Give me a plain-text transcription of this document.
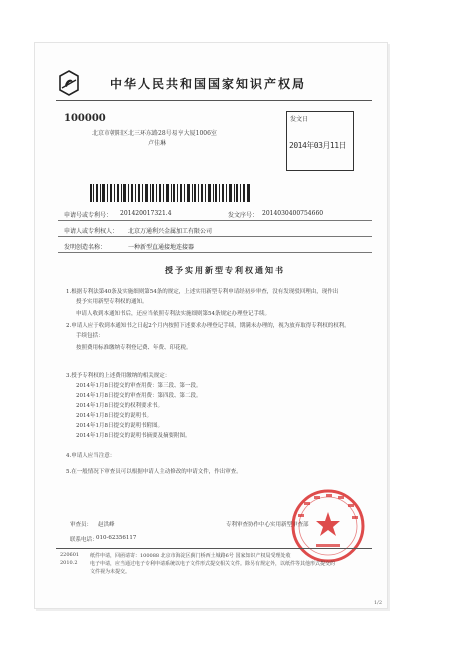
中华人民共和国国家知识产权局
100000
北京市朝阳区北三环东路28号易亨大厦1006室
卢佳琳
发文日
2014年03月11日
申请号或专利号： 201420017321.4	发文序号： 2014030400754660
申请人或专利权人： 北京万通利兴金属加工有限公司
发明创造名称：	一种新型直通接地连接器
授予实用新型专利权通知书
1.根据专利法第40条及实施细则第54条的规定，上述实用新型专利申请经初步审查，没有发现驳回理由，现作出
授予实用新型专利权的通知。
申请人收到本通知书后，还应当依照专利法实施细则第54条规定办理登记手续。
2.申请人应于收到本通知书之日起2个月内按照下述要求办理登记手续，期满未办理的，视为放弃取得专利权的权利。
手续包括：
按照费用标准缴纳专利登记费、年费、印花税。
3.授予专利权的上述费用缴纳的相关规定：
2014年1月8日提交的审查用费：第三段、第一段。
2014年1月8日提交的审查用费：第四段、第二段。
2014年1月8日提交的权利要求书。
2014年1月8日提交的说明书。
2014年1月8日提交的说明书附图。
2014年1月8日提交的说明书摘要及摘要附图。
4.申请人应当注意：
5.在一般情况下审查员可以根据申请人主动修改的申请文件，作出审查。
审查员：	赵洪峰
联系电话：
010-62356117
专利审查协作中心实用新型审查部
220601
2010.2
纸件申请，回函请寄：100088 北京市海淀区蓟门桥西土城路6号 国家知识产权局受理处收
电子申请，应当通过电子专利申请系统以电子文件形式提交相关文件。除另有规定外，以纸件等其他形式提交的
文件视为未提交。
1/2
